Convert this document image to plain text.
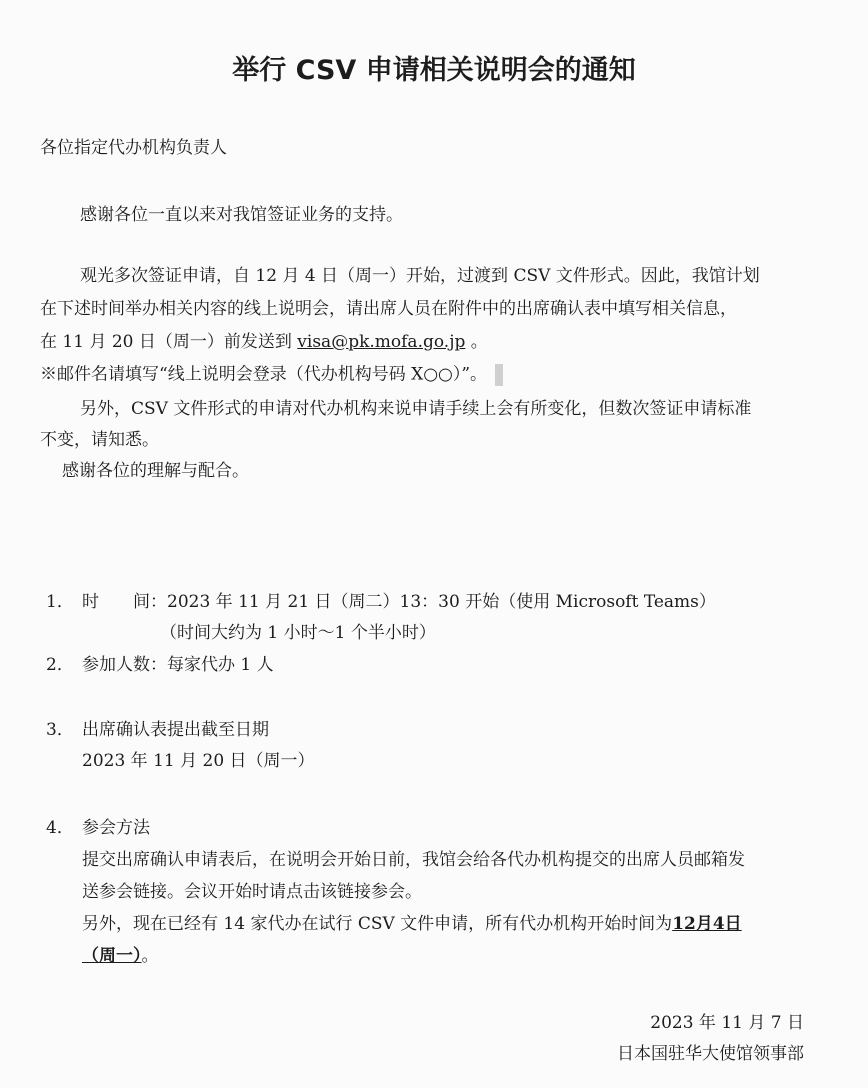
举行 CSV 申请相关说明会的通知
各位指定代办机构负责人
感谢各位一直以来对我馆签证业务的支持。
观光多次签证申请，自 12 月 4 日（周一）开始，过渡到 CSV 文件形式。因此，我馆计划
在下述时间举办相关内容的线上说明会，请出席人员在附件中的出席确认表中填写相关信息，
在 11 月 20 日（周一）前发送到 visa@pk.mofa.go.jp 。
※邮件名请填写“线上说明会登录（代办机构号码 X○○）”。
另外，CSV 文件形式的申请对代办机构来说申请手续上会有所变化，但数次签证申请标准
不变，请知悉。
感谢各位的理解与配合。
1． 时　　间：2023 年 11 月 21 日（周二）13：30 开始（使用 Microsoft Teams）
（时间大约为 1 小时～1 个半小时）
2． 参加人数：每家代办 1 人
3． 出席确认表提出截至日期
2023 年 11 月 20 日（周一）
4． 参会方法
提交出席确认申请表后，在说明会开始日前，我馆会给各代办机构提交的出席人员邮箱发
送参会链接。会议开始时请点击该链接参会。
另外，现在已经有 14 家代办在试行 CSV 文件申请，所有代办机构开始时间为12月4日
（周一）。
2023 年 11 月 7 日
日本国驻华大使馆领事部
